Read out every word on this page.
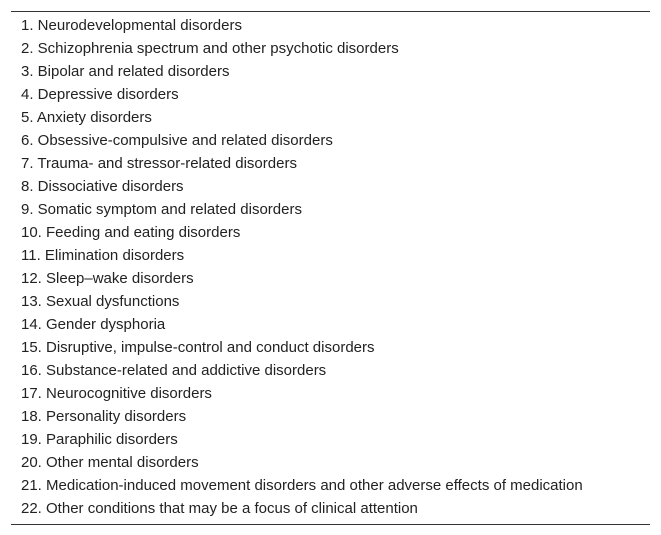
1. Neurodevelopmental disorders
2. Schizophrenia spectrum and other psychotic disorders
3. Bipolar and related disorders
4. Depressive disorders
5. Anxiety disorders
6. Obsessive-compulsive and related disorders
7. Trauma- and stressor-related disorders
8. Dissociative disorders
9. Somatic symptom and related disorders
10. Feeding and eating disorders
11. Elimination disorders
12. Sleep–wake disorders
13. Sexual dysfunctions
14. Gender dysphoria
15. Disruptive, impulse-control and conduct disorders
16. Substance-related and addictive disorders
17. Neurocognitive disorders
18. Personality disorders
19. Paraphilic disorders
20. Other mental disorders
21. Medication-induced movement disorders and other adverse effects of medication
22. Other conditions that may be a focus of clinical attention
